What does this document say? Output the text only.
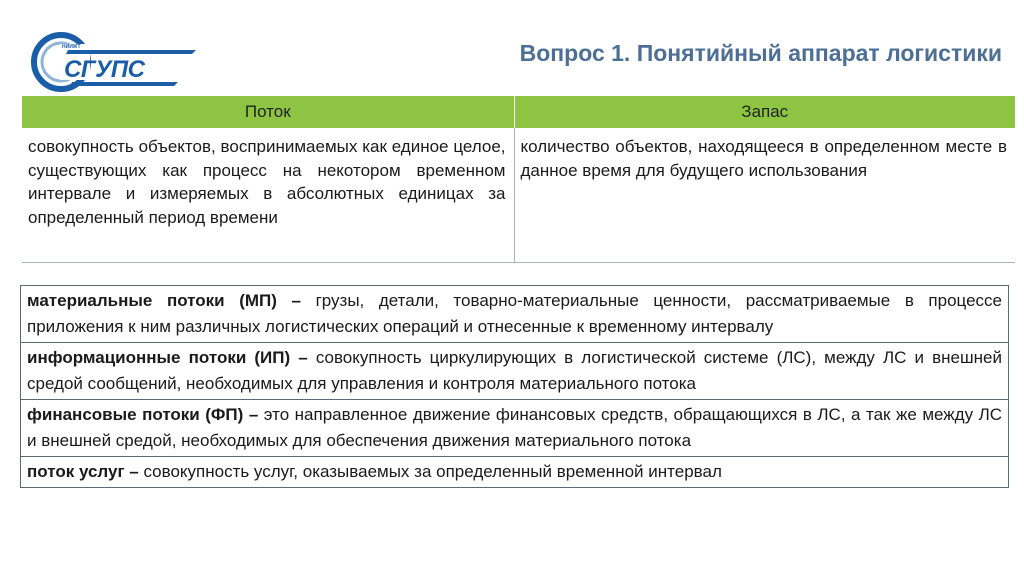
НИИЖТ
СГУПС
Вопрос 1. Понятийный аппарат логистики
Поток	Запас
совокупность объектов, воспринимаемых как единое целое, существующих как процесс на некотором временном интервале и измеряемых в абсолютных единицах за определенный период времени	количество объектов, находящееся в определенном месте в данное время для будущего использования
материальные потоки (МП) – грузы, детали, товарно-материальные ценности, рассматриваемые в процессе приложения к ним различных логистических операций и отнесенные к временному интервалу
информационные потоки (ИП) – совокупность циркулирующих в логистической системе (ЛС), между ЛС и внешней средой сообщений, необходимых для управления и контроля материального потока
финансовые потоки (ФП) – это направленное движение финансовых средств, обращающихся в ЛС, а так же между ЛС и внешней средой, необходимых для обеспечения движения материального потока
поток услуг – совокупность услуг, оказываемых за определенный временной интервал
